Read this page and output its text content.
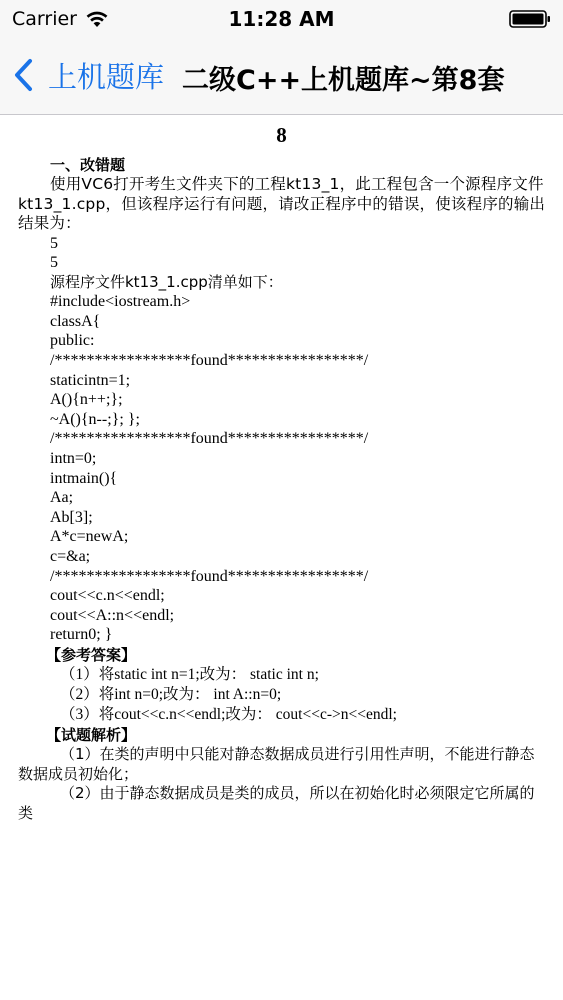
Carrier	11:28 AM
上机题库 二级C++上机题库~第8套
8
一、改错题
使用VC6打开考生文件夹下的工程kt13_1，此工程包含一个源程序文件kt13_1.cpp，但该程序运行有问题，请改正程序中的错误，使该程序的输出结果为：
5
5
源程序文件kt13_1.cpp清单如下：
#include<iostream.h>
classA{
public:
/*****************found*****************/
staticintn=1;
A(){n++;};
~A(){n--;}; };
/*****************found*****************/
intn=0;
intmain(){
Aa;
Ab[3];
A*c=newA;
c=&a;
/*****************found*****************/
cout<<c.n<<endl;
cout<<A::n<<endl;
return0; }
【参考答案】
（1）将static int n=1;改为： static int n;
（2）将int n=0;改为： int A::n=0;
（3）将cout<<c.n<<endl;改为： cout<<c->n<<endl;
【试题解析】
（1）在类的声明中只能对静态数据成员进行引用性声明，不能进行静态数据成员初始化；
（2）由于静态数据成员是类的成员，所以在初始化时必须限定它所属的类
